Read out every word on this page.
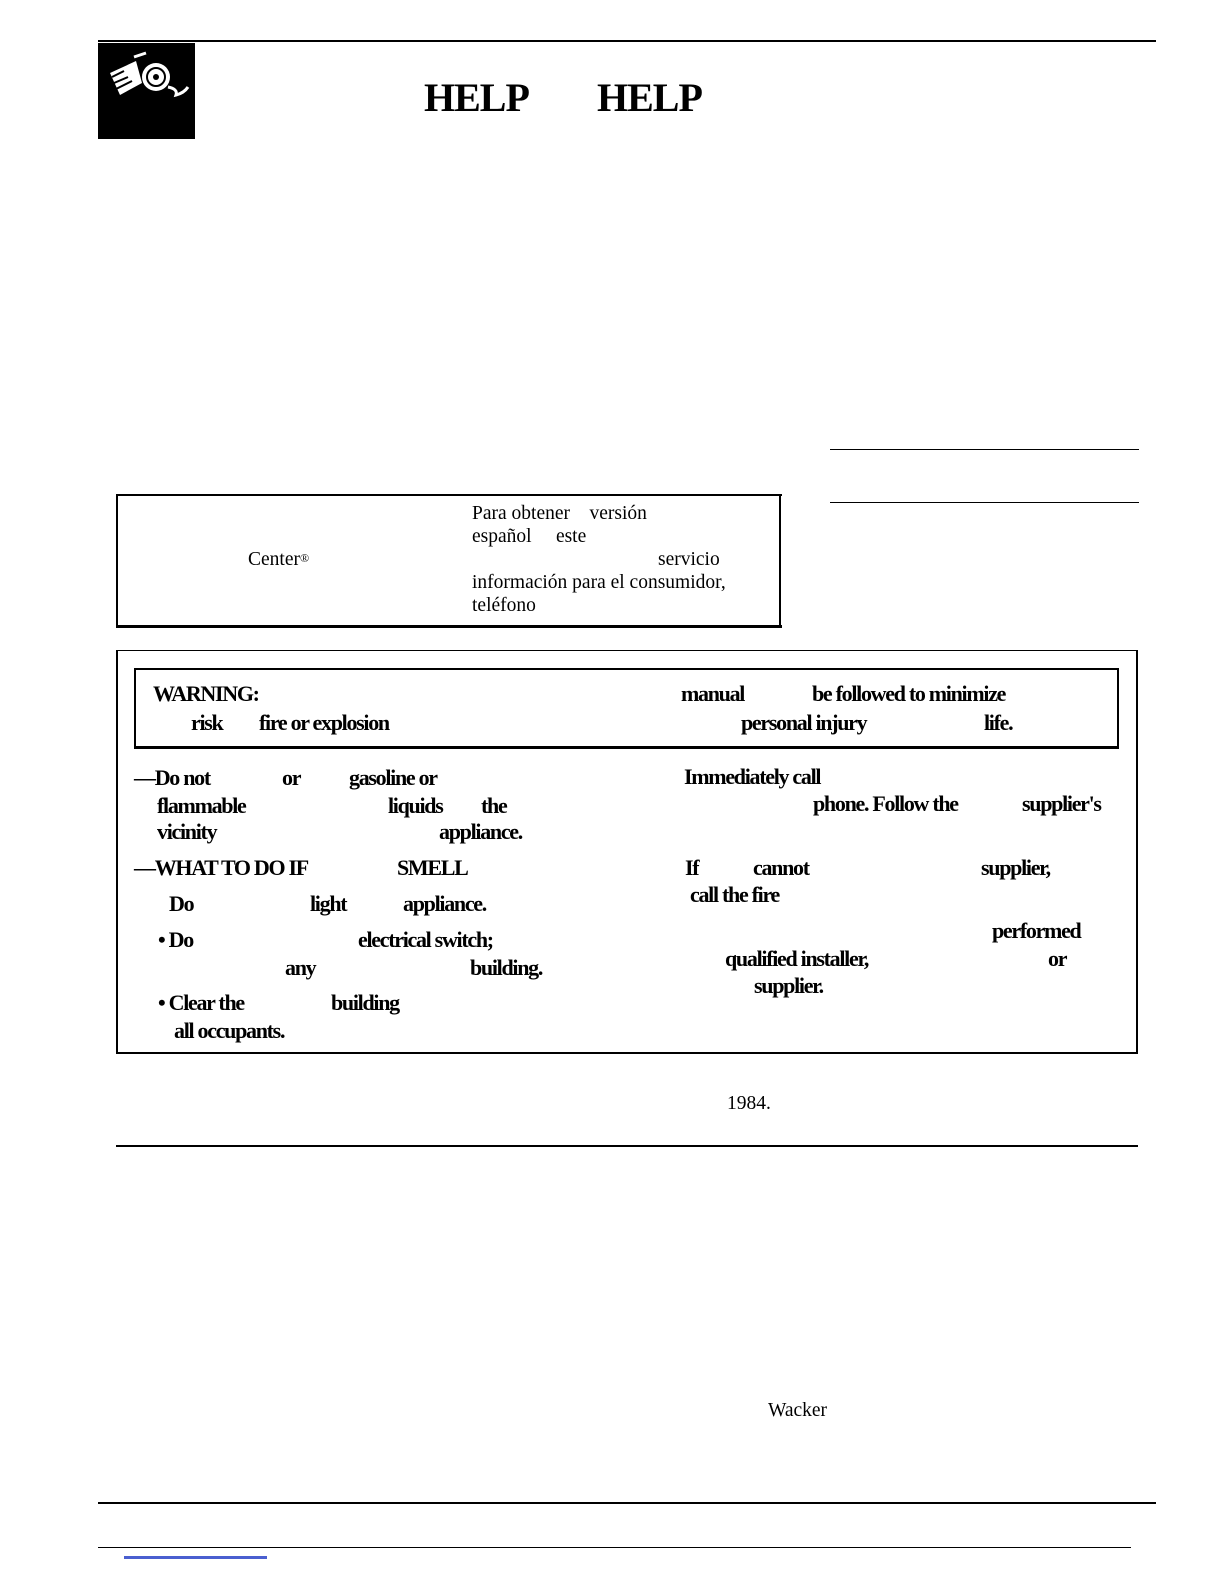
HELP HELP
Center®
Para obtener    versión
español     este
servicio
información para el consumidor,
teléfono
WARNING:	manual	be followed to minimize
risk fire or explosion	personal injury	life.
—Do not	or gasoline or
flammable	liquids the
vicinity	appliance.
—WHAT TO DO IF	SMELL
Do	light	appliance.
• Do	electrical switch;
any	building.
• Clear the	building
all occupants.
Immediately call
phone. Follow the	supplier's
If cannot	supplier,
call the fire
performed
qualified installer,	or
supplier.
1984.
Wacker
